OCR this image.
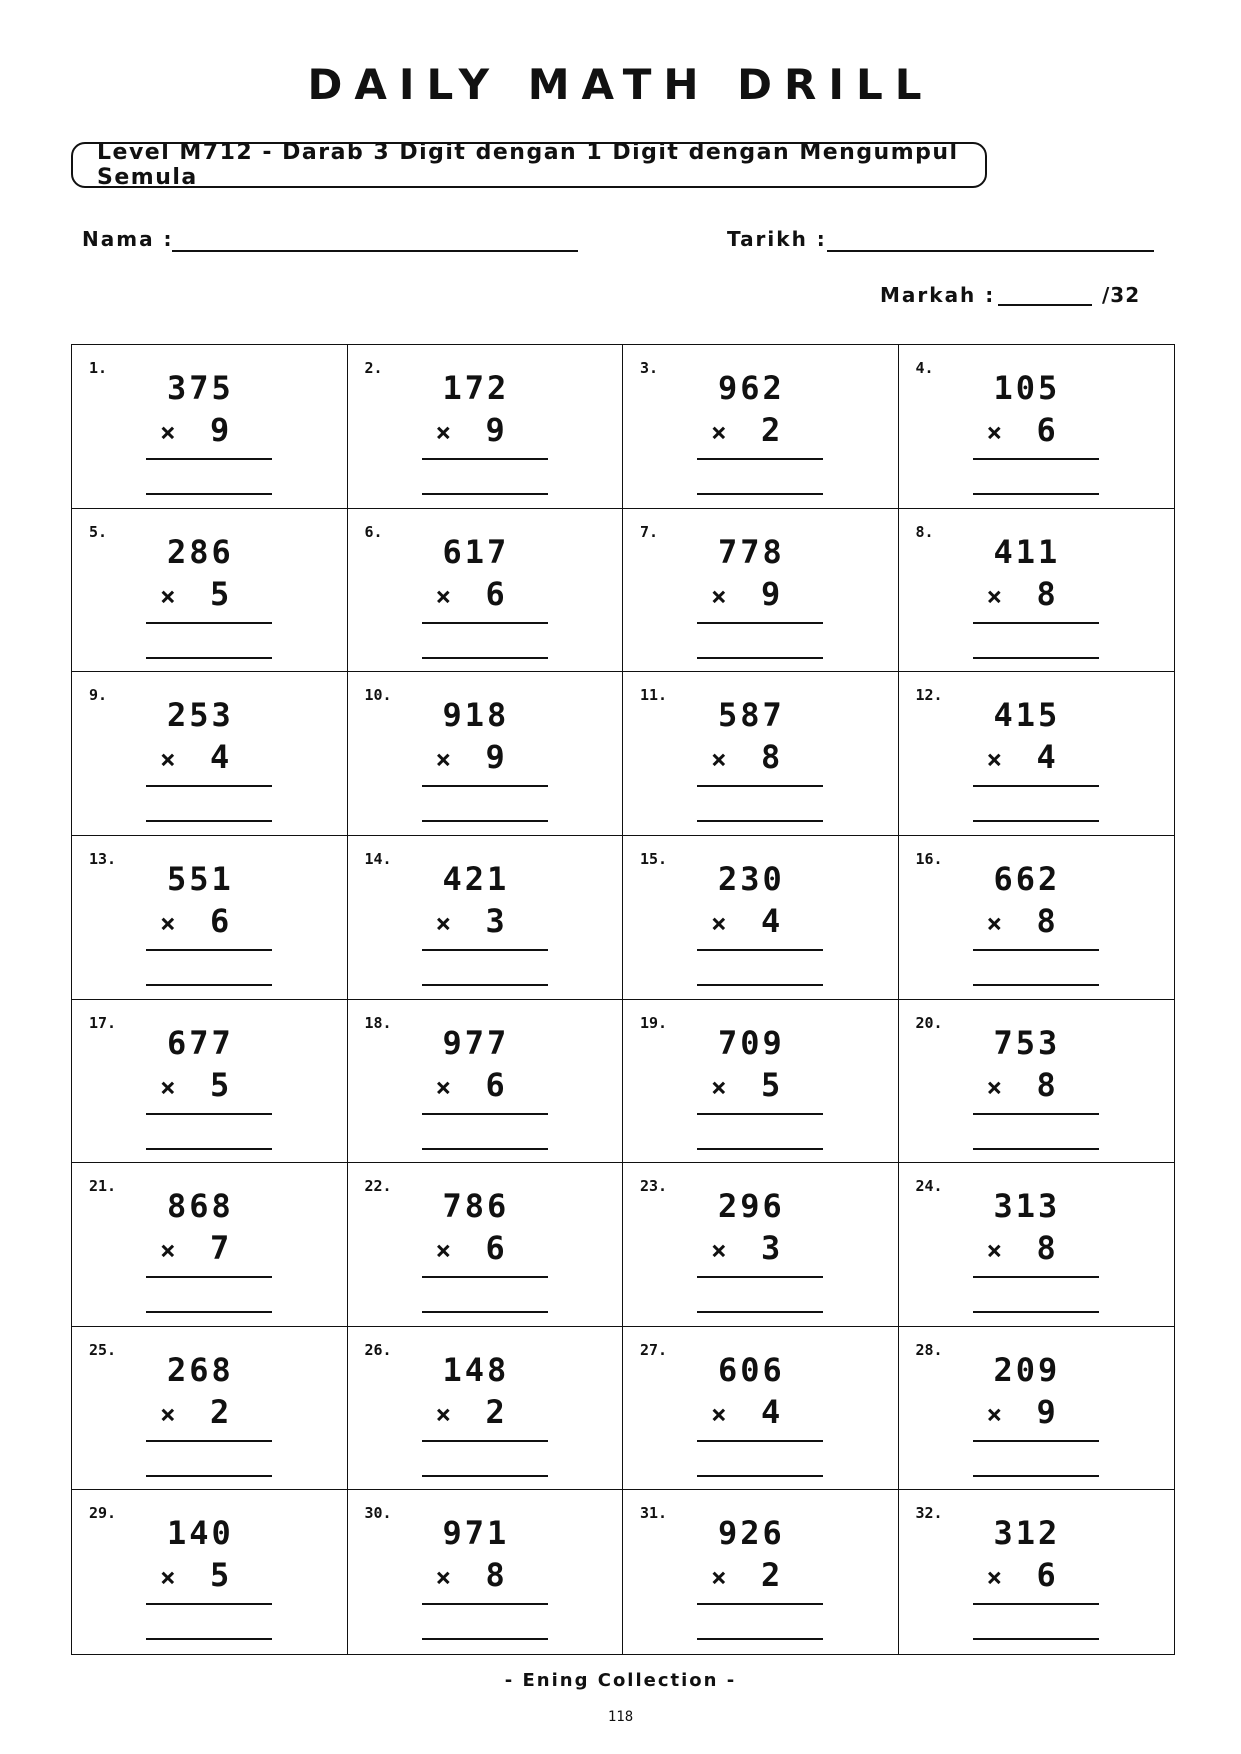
DAILY MATH DRILL
Level M712 - Darab 3 Digit dengan 1 Digit dengan Mengumpul Semula
Nama :	Tarikh :
Markah :	/32
1.
375
× 9
2.
172
× 9
3.
962
× 2
4.
105
× 6
5.
286
× 5
6.
617
× 6
7.
778
× 9
8.
411
× 8
9.
253
× 4
10.
918
× 9
11.
587
× 8
12.
415
× 4
13.
551
× 6
14.
421
× 3
15.
230
× 4
16.
662
× 8
17.
677
× 5
18.
977
× 6
19.
709
× 5
20.
753
× 8
21.
868
× 7
22.
786
× 6
23.
296
× 3
24.
313
× 8
25.
268
× 2
26.
148
× 2
27.
606
× 4
28.
209
× 9
29.
140
× 5
30.
971
× 8
31.
926
× 2
32.
312
× 6
- Ening Collection -
118
